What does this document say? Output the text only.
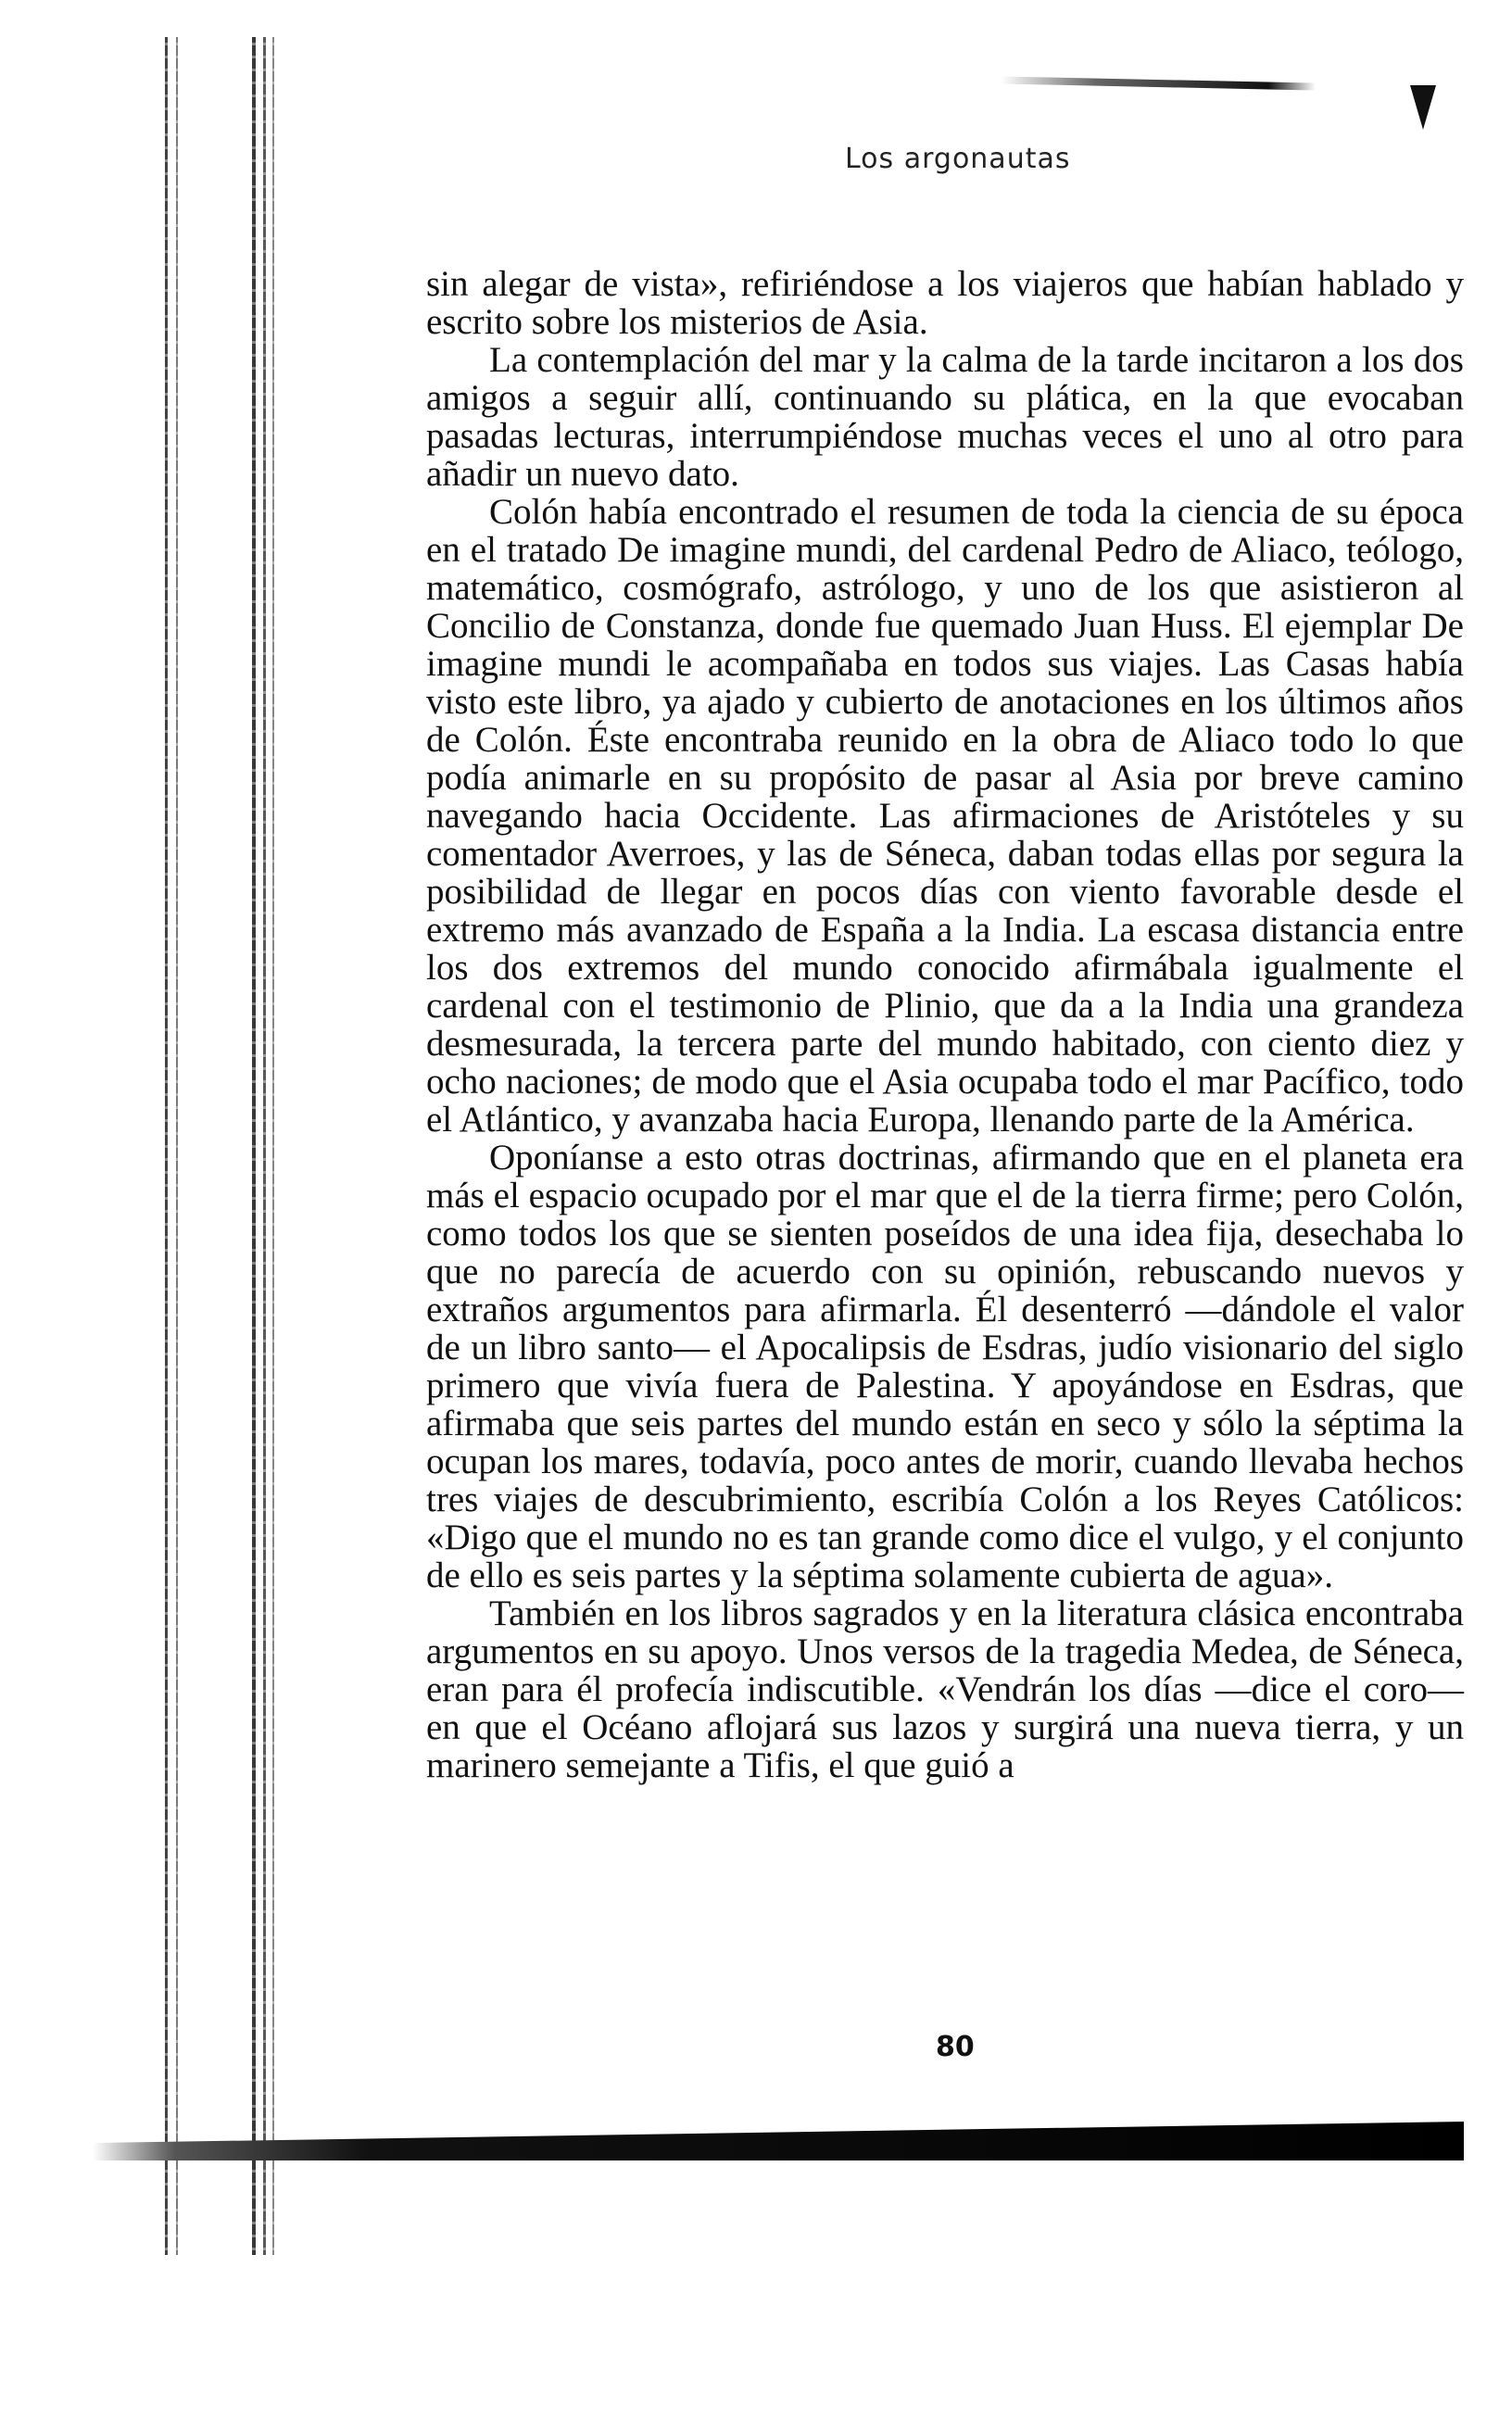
Los argonautas

sin alegar de vista», refiriéndose a los viajeros que habían hablado y escrito sobre los misterios de Asia.

La contemplación del mar y la calma de la tarde incitaron a los dos amigos a seguir allí, continuando su plática, en la que evocaban pasadas lecturas, interrumpiéndose muchas veces el uno al otro para añadir un nuevo dato.

Colón había encontrado el resumen de toda la ciencia de su época en el tratado De imagine mundi, del cardenal Pedro de Aliaco, teólogo, matemático, cosmógrafo, astrólogo, y uno de los que asistieron al Concilio de Constanza, donde fue quemado Juan Huss. El ejemplar De imagine mundi le acompañaba en todos sus viajes. Las Casas había visto este libro, ya ajado y cubierto de anotaciones en los últimos años de Colón. Éste encontraba reunido en la obra de Aliaco todo lo que podía animarle en su propósito de pasar al Asia por breve camino navegando hacia Occidente. Las afirmaciones de Aristóteles y su comentador Averroes, y las de Séneca, daban todas ellas por segura la posibilidad de llegar en pocos días con viento favorable desde el extremo más avanzado de España a la India. La escasa distancia entre los dos extremos del mundo conocido afirmábala igualmente el cardenal con el testimonio de Plinio, que da a la India una grandeza desmesurada, la tercera parte del mundo habitado, con ciento diez y ocho naciones; de modo que el Asia ocupaba todo el mar Pacífico, todo el Atlántico, y avanzaba hacia Europa, llenando parte de la América.

Oponíanse a esto otras doctrinas, afirmando que en el planeta era más el espacio ocupado por el mar que el de la tierra firme; pero Colón, como todos los que se sienten poseídos de una idea fija, desechaba lo que no parecía de acuerdo con su opinión, rebuscando nuevos y extraños argumentos para afirmarla. Él desenterró —dándole el valor de un libro santo— el Apocalipsis de Esdras, judío visionario del siglo primero que vivía fuera de Palestina. Y apoyándose en Esdras, que afirmaba que seis partes del mundo están en seco y sólo la séptima la ocupan los mares, todavía, poco antes de morir, cuando llevaba hechos tres viajes de descubrimiento, escribía Colón a los Reyes Católicos: «Digo que el mundo no es tan grande como dice el vulgo, y el conjunto de ello es seis partes y la séptima solamente cubierta de agua».

También en los libros sagrados y en la literatura clásica encontraba argumentos en su apoyo. Unos versos de la tragedia Medea, de Séneca, eran para él profecía indiscutible. «Vendrán los días —dice el coro— en que el Océano aflojará sus lazos y surgirá una nueva tierra, y un marinero semejante a Tifis, el que guió a

80
